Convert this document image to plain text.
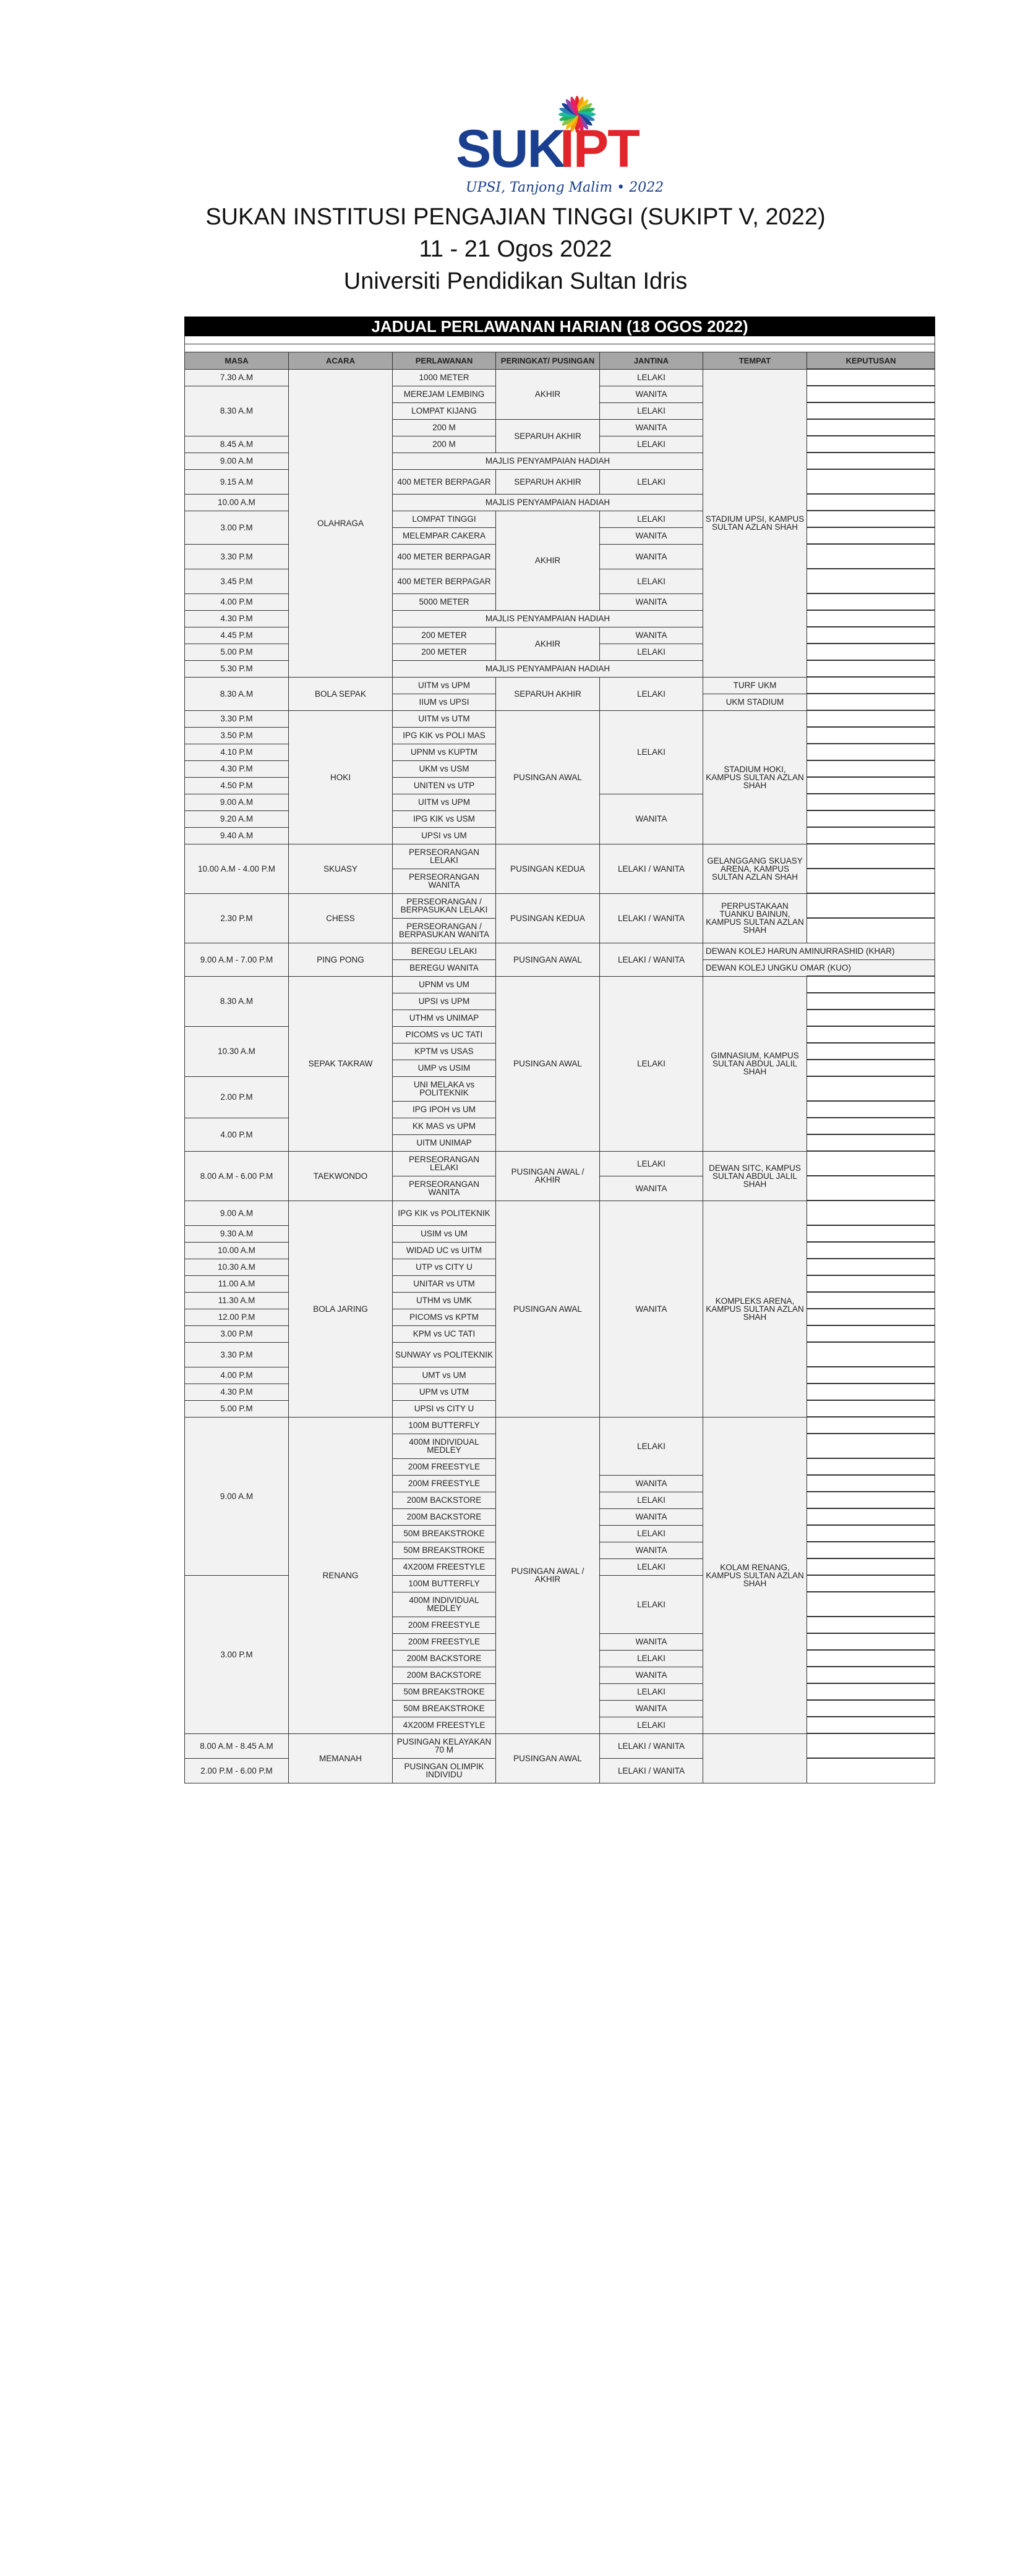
SUK
IPT
UPSI, Tanjong Malim • 2022
SUKAN INSTITUSI PENGAJIAN TINGGI (SUKIPT V, 2022)
11 - 21 Ogos 2022
Universiti Pendidikan Sultan Idris
JADUAL PERLAWANAN HARIAN (18 OGOS 2022)						

MASA	ACARA	PERLAWANAN	PERINGKAT/ PUSINGAN	JANTINA	TEMPAT	KEPUTUSAN
7.30 A.M	OLAHRAGA	1000 METER	AKHIR	LELAKI	STADIUM UPSI, KAMPUS SULTAN AZLAN SHAH	
8.30 A.M		MEREJAM LEMBING		WANITA		
		LOMPAT KIJANG		LELAKI		
		200 M	SEPARUH AKHIR	WANITA		
8.45 A.M		200 M		LELAKI		
9.00 A.M		MAJLIS PENYAMPAIAN HADIAH				
9.15 A.M		400 METER BERPAGAR	SEPARUH AKHIR	LELAKI		
10.00 A.M		MAJLIS PENYAMPAIAN HADIAH				
3.00 P.M		LOMPAT TINGGI	AKHIR	LELAKI		
		MELEMPAR CAKERA		WANITA		
3.30 P.M		400 METER BERPAGAR		WANITA		
3.45 P.M		400 METER BERPAGAR		LELAKI		
4.00 P.M		5000 METER		WANITA		
4.30 P.M		MAJLIS PENYAMPAIAN HADIAH				
4.45 P.M		200 METER	AKHIR	WANITA		
5.00 P.M		200 METER		LELAKI		
5.30 P.M		MAJLIS PENYAMPAIAN HADIAH				
8.30 A.M	BOLA SEPAK	UITM vs UPM	SEPARUH AKHIR	LELAKI	TURF UKM	
		IIUM vs UPSI			UKM STADIUM	
3.30 P.M	HOKI	UITM vs UTM	PUSINGAN AWAL	LELAKI	STADIUM HOKI, KAMPUS SULTAN AZLAN SHAH	
3.50 P.M		IPG KIK vs POLI MAS				
4.10 P.M		UPNM vs KUPTM				
4.30 P.M		UKM vs USM				
4.50 P.M		UNITEN vs UTP				
9.00 A.M		UITM vs UPM		WANITA		
9.20 A.M		IPG KIK vs USM				
9.40 A.M		UPSI vs UM				
10.00 A.M - 4.00 P.M	SKUASY	PERSEORANGAN LELAKI	PUSINGAN KEDUA	LELAKI / WANITA	GELANGGANG SKUASY ARENA, KAMPUS SULTAN AZLAN SHAH	
		PERSEORANGAN WANITA				
2.30 P.M	CHESS	PERSEORANGAN / BERPASUKAN LELAKI	PUSINGAN KEDUA	LELAKI / WANITA	PERPUSTAKAAN TUANKU BAINUN, KAMPUS SULTAN AZLAN SHAH	
		PERSEORANGAN / BERPASUKAN WANITA				
9.00 A.M - 7.00 P.M	PING PONG	BEREGU LELAKI	PUSINGAN AWAL	LELAKI / WANITA	DEWAN KOLEJ HARUN AMINURRASHID (KHAR)	
		BEREGU WANITA			DEWAN KOLEJ UNGKU OMAR (KUO)	
8.30 A.M	SEPAK TAKRAW	UPNM vs UM	PUSINGAN AWAL	LELAKI	GIMNASIUM, KAMPUS SULTAN ABDUL JALIL SHAH	
		UPSI vs UPM				
		UTHM vs UNIMAP				
10.30 A.M		PICOMS vs UC TATI				
		KPTM vs USAS				
		UMP vs USIM				
2.00 P.M		UNI MELAKA vs POLITEKNIK				
		IPG IPOH vs UM				
4.00 P.M		KK MAS vs UPM				
		UITM UNIMAP				
8.00 A.M - 6.00 P.M	TAEKWONDO	PERSEORANGAN LELAKI	PUSINGAN AWAL / AKHIR	LELAKI	DEWAN SITC, KAMPUS SULTAN ABDUL JALIL SHAH	
		PERSEORANGAN WANITA		WANITA		
9.00 A.M	BOLA JARING	IPG KIK vs POLITEKNIK	PUSINGAN AWAL	WANITA	KOMPLEKS ARENA, KAMPUS SULTAN AZLAN SHAH	
9.30 A.M		USIM vs UM				
10.00 A.M		WIDAD UC vs UITM				
10.30 A.M		UTP vs CITY U				
11.00 A.M		UNITAR vs UTM				
11.30 A.M		UTHM vs UMK				
12.00 P.M		PICOMS vs KPTM				
3.00 P.M		KPM vs UC TATI				
3.30 P.M		SUNWAY vs POLITEKNIK				
4.00 P.M		UMT vs UM				
4.30 P.M		UPM vs UTM				
5.00 P.M		UPSI vs CITY U				
9.00 A.M	RENANG	100M BUTTERFLY	PUSINGAN AWAL / AKHIR	LELAKI	KOLAM RENANG, KAMPUS SULTAN AZLAN SHAH	
		400M INDIVIDUAL MEDLEY				
		200M FREESTYLE				
		200M FREESTYLE		WANITA		
		200M BACKSTORE		LELAKI		
		200M BACKSTORE		WANITA		
		50M BREAKSTROKE		LELAKI		
		50M BREAKSTROKE		WANITA		
		4X200M FREESTYLE		LELAKI		
3.00 P.M		100M BUTTERFLY		LELAKI		
		400M INDIVIDUAL MEDLEY				
		200M FREESTYLE				
		200M FREESTYLE		WANITA		
		200M BACKSTORE		LELAKI		
		200M BACKSTORE		WANITA		
		50M BREAKSTROKE		LELAKI		
		50M BREAKSTROKE		WANITA		
		4X200M FREESTYLE		LELAKI		
8.00 A.M - 8.45 A.M	MEMANAH	PUSINGAN KELAYAKAN 70 M	PUSINGAN AWAL	LELAKI / WANITA		
2.00 P.M - 6.00 P.M		PUSINGAN OLIMPIK INDIVIDU		LELAKI / WANITA		
